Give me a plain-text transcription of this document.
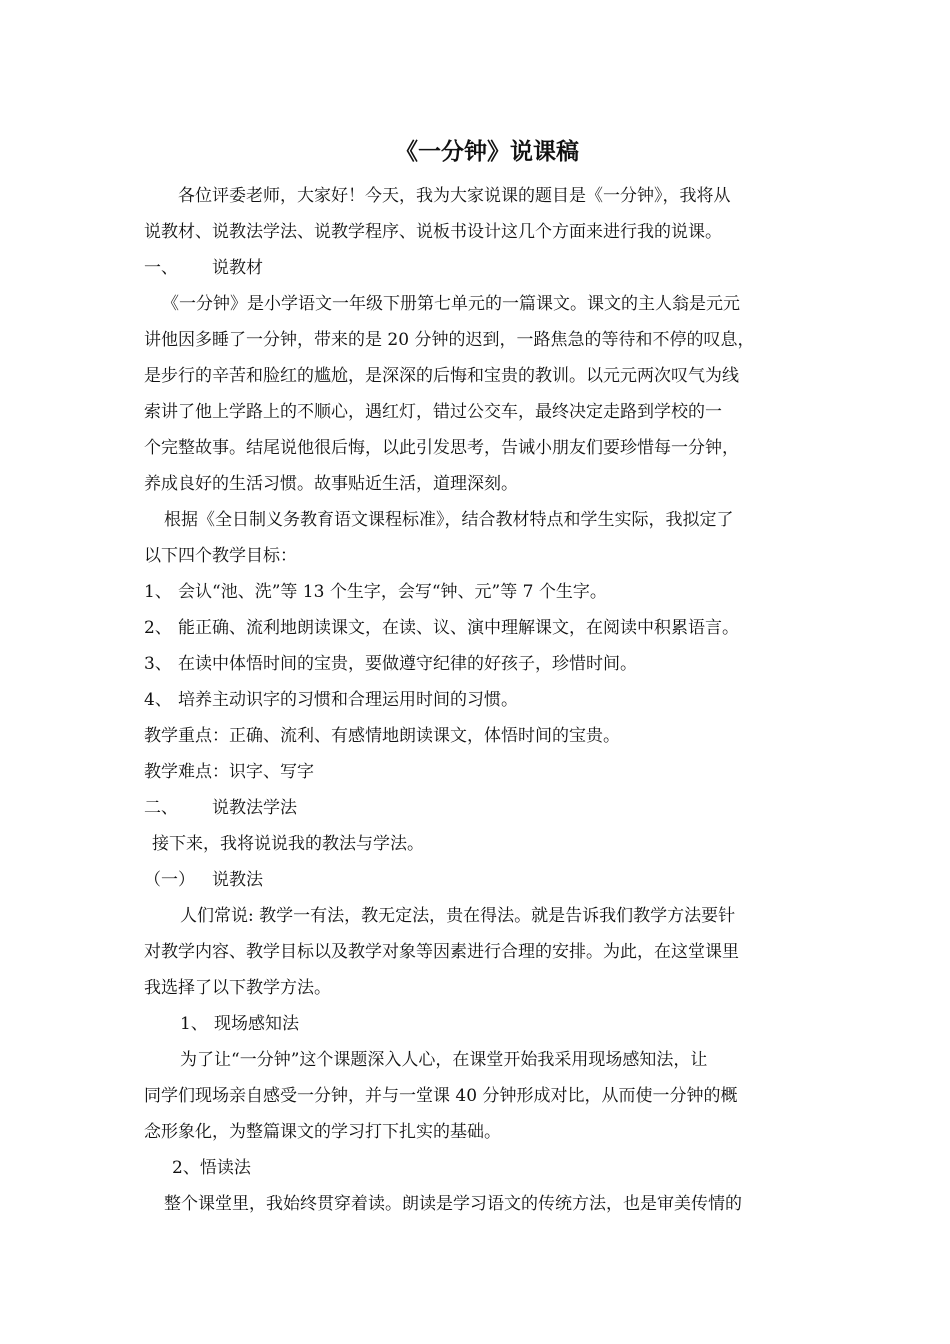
《一分钟》说课稿

各位评委老师，大家好！今天，我为大家说课的题目是《一分钟》，我将从

说教材、说教法学法、说教学程序、说板书设计这几个方面来进行我的说课。

一、 说教材

《一分钟》是小学语文一年级下册第七单元的一篇课文。课文的主人翁是元元

讲他因多睡了一分钟，带来的是 20 分钟的迟到，一路焦急的等待和不停的叹息，

是步行的辛苦和脸红的尴尬，是深深的后悔和宝贵的教训。以元元两次叹气为线

索讲了他上学路上的不顺心，遇红灯，错过公交车，最终决定走路到学校的一

个完整故事。结尾说他很后悔，以此引发思考，告诫小朋友们要珍惜每一分钟，

养成良好的生活习惯。故事贴近生活，道理深刻。

根据《全日制义务教育语文课程标准》，结合教材特点和学生实际，我拟定了

以下四个教学目标：

1、 会认“池、洗”等 13 个生字，会写“钟、元”等 7 个生字。

2、 能正确、流利地朗读课文，在读、议、演中理解课文，在阅读中积累语言。

3、 在读中体悟时间的宝贵，要做遵守纪律的好孩子，珍惜时间。

4、 培养主动识字的习惯和合理运用时间的习惯。

教学重点：正确、流利、有感情地朗读课文，体悟时间的宝贵。

教学难点：识字、写字

二、 说教法学法

接下来，我将说说我的教法与学法。

（一） 说教法

人们常说: 教学一有法，教无定法，贵在得法。就是告诉我们教学方法要针

对教学内容、教学目标以及教学对象等因素进行合理的安排。为此，在这堂课里

我选择了以下教学方法。

1、 现场感知法

为了让“一分钟”这个课题深入人心，在课堂开始我采用现场感知法，让

同学们现场亲自感受一分钟，并与一堂课 40 分钟形成对比，从而使一分钟的概

念形象化，为整篇课文的学习打下扎实的基础。

2、悟读法

整个课堂里，我始终贯穿着读。朗读是学习语文的传统方法，也是审美传情的
